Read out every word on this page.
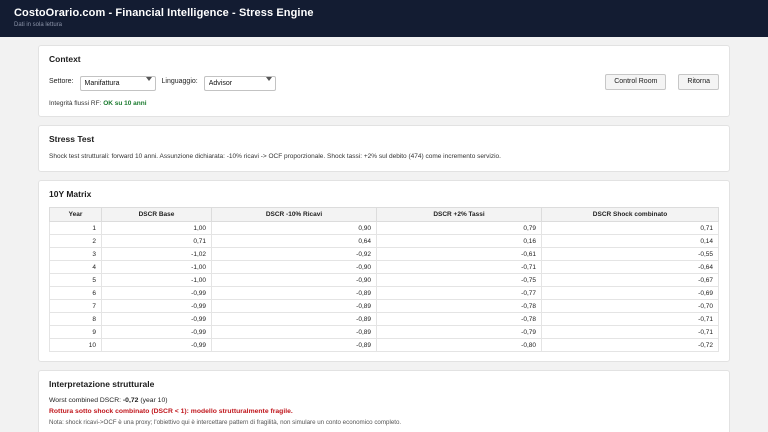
CostoOrario.com - Financial Intelligence - Stress Engine
Dati in sola lettura
Context
Settore:
Manifattura	Linguaggio:
Advisor	Control Room	Ritorna
Integrità flussi RF: OK su 10 anni
Stress Test
Shock test strutturali: forward 10 anni. Assunzione dichiarata: -10% ricavi -> OCF proporzionale. Shock tassi: +2% sul debito (474) come incremento servizio.
10Y Matrix
Year	DSCR Base	DSCR -10% Ricavi	DSCR +2% Tassi	DSCR Shock combinato
1	1,00	0,90	0,79	0,71
2	0,71	0,64	0,16	0,14
3	-1,02	-0,92	-0,61	-0,55
4	-1,00	-0,90	-0,71	-0,64
5	-1,00	-0,90	-0,75	-0,67
6	-0,99	-0,89	-0,77	-0,69
7	-0,99	-0,89	-0,78	-0,70
8	-0,99	-0,89	-0,78	-0,71
9	-0,99	-0,89	-0,79	-0,71
10	-0,99	-0,89	-0,80	-0,72
Interpretazione strutturale
Worst combined DSCR: -0,72 (year 10)
Rottura sotto shock combinato (DSCR < 1): modello strutturalmente fragile.
Nota: shock ricavi->OCF è una proxy; l'obiettivo qui è intercettare pattern di fragilità, non simulare un conto economico completo.
